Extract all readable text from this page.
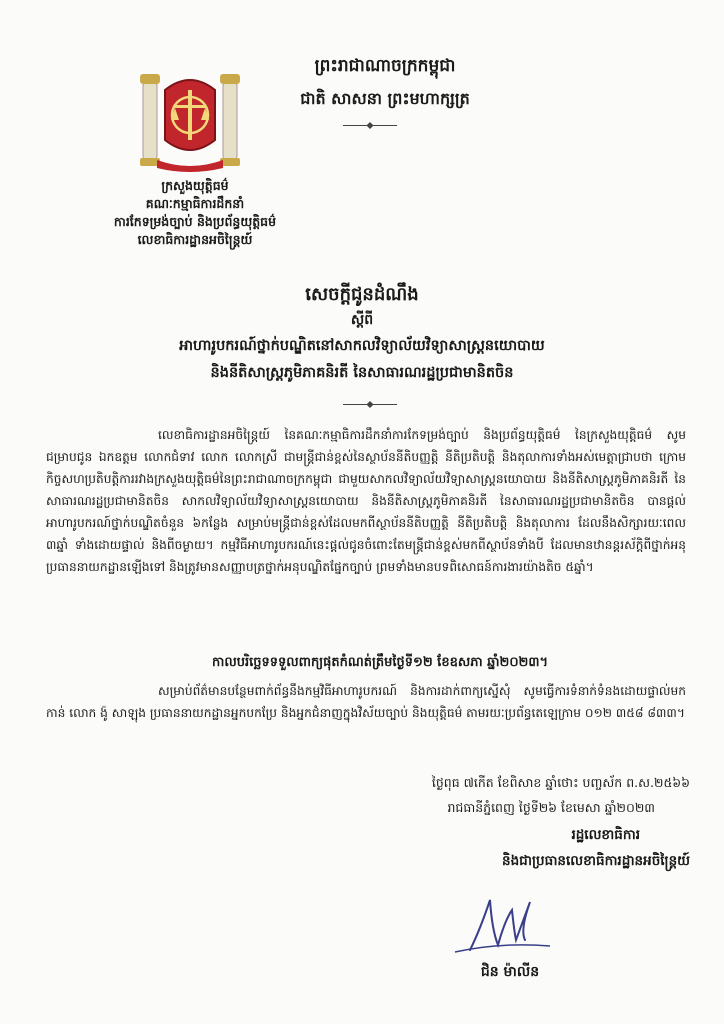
ព្រះរាជាណាចក្រកម្ពុជា
ជាតិ សាសនា ព្រះមហាក្សត្រ
ក្រសួងយុត្តិធម៌
គណៈកម្មាធិការដឹកនាំ
ការកែទម្រង់ច្បាប់ និងប្រព័ន្ធយុត្តិធម៌
លេខាធិការដ្ឋានអចិន្ត្រៃយ៍
សេចក្តីជូនដំណឹង
ស្តីពី
អាហារូបករណ៍ថ្នាក់បណ្ឌិតនៅសាកលវិទ្យាល័យវិទ្យាសាស្ត្រនយោបាយ
និងនីតិសាស្ត្រភូមិភាគនិរតី នៃសាធារណរដ្ឋប្រជាមានិតចិន
លេខាធិការដ្ឋានអចិន្ត្រៃយ៍ នៃគណៈកម្មាធិការដឹកនាំការកែទម្រង់ច្បាប់ និងប្រព័ន្ធយុត្តិធម៌ នៃក្រសួងយុត្តិធម៌ សូមជម្រាបជូន ឯកឧត្តម លោកជំទាវ លោក លោកស្រី ជាមន្ត្រីជាន់ខ្ពស់នៃស្ថាប័ននីតិបញ្ញត្តិ នីតិប្រតិបត្តិ និងតុលាការទាំងអស់មេត្តាជ្រាបថា ក្រោមកិច្ចសហប្រតិបត្តិការរវាងក្រសួងយុត្តិធម៌នៃព្រះរាជាណាចក្រកម្ពុជា ជាមួយសាកលវិទ្យាល័យវិទ្យាសាស្ត្រនយោបាយ និងនីតិសាស្ត្រភូមិភាគនិរតី នៃសាធារណរដ្ឋប្រជាមានិតចិន សាកលវិទ្យាល័យវិទ្យាសាស្ត្រនយោបាយ និងនីតិសាស្ត្រភូមិភាគនិរតី នៃសាធារណរដ្ឋប្រជាមានិតចិន បានផ្តល់អាហារូបករណ៍ថ្នាក់បណ្ឌិតចំនួន ៦កន្លែង សម្រាប់មន្ត្រីជាន់ខ្ពស់ដែលមកពីស្ថាប័ននីតិបញ្ញត្តិ នីតិប្រតិបត្តិ និងតុលាការ ដែលនឹងសិក្សារយៈពេល ៣ឆ្នាំ ទាំងដោយផ្ទាល់ និងពីចម្ងាយ។ កម្មវិធីអាហារូបករណ៍នេះផ្តល់ជូនចំពោះតែមន្ត្រីជាន់ខ្ពស់មកពីស្ថាប័នទាំងបី ដែលមានឋានន្តរស័ក្តិពីថ្នាក់អនុប្រធាននាយកដ្ឋានឡើងទៅ និងត្រូវមានសញ្ញាបត្រថ្នាក់អនុបណ្ឌិតផ្នែកច្បាប់ ព្រមទាំងមានបទពិសោធន៍ការងារយ៉ាងតិច ៥ឆ្នាំ។
កាលបរិច្ឆេទទទួលពាក្យផុតកំណត់ត្រឹមថ្ងៃទី១២ ខែឧសភា ឆ្នាំ២០២៣។
សម្រាប់ព័ត៌មានបន្ថែមពាក់ព័ន្ធនឹងកម្មវិធីអាហារូបករណ៍ និងការដាក់ពាក្យស្នើសុំ សូមធ្វើការទំនាក់ទំនងដោយផ្ទាល់មកកាន់ លោក ង៉ូ សាឡុង ប្រធាននាយកដ្ឋានអ្នកបកប្រែ និងអ្នកជំនាញក្នុងវិស័យច្បាប់ និងយុត្តិធម៌ តាមរយៈប្រព័ន្ធតេឡេក្រាម ០១២ ៣៥៨ ៨៣៣។
ថ្ងៃពុធ ៧កើត ខែពិសាខ ឆ្នាំថោះ បញ្ចស័ក ព.ស.២៥៦៦
រាជធានីភ្នំពេញ ថ្ងៃទី២៦ ខែមេសា ឆ្នាំ២០២៣
រដ្ឋលេខាធិការ
និងជាប្រធានលេខាធិការដ្ឋានអចិន្ត្រៃយ៍
ជិន ម៉ាលីន
